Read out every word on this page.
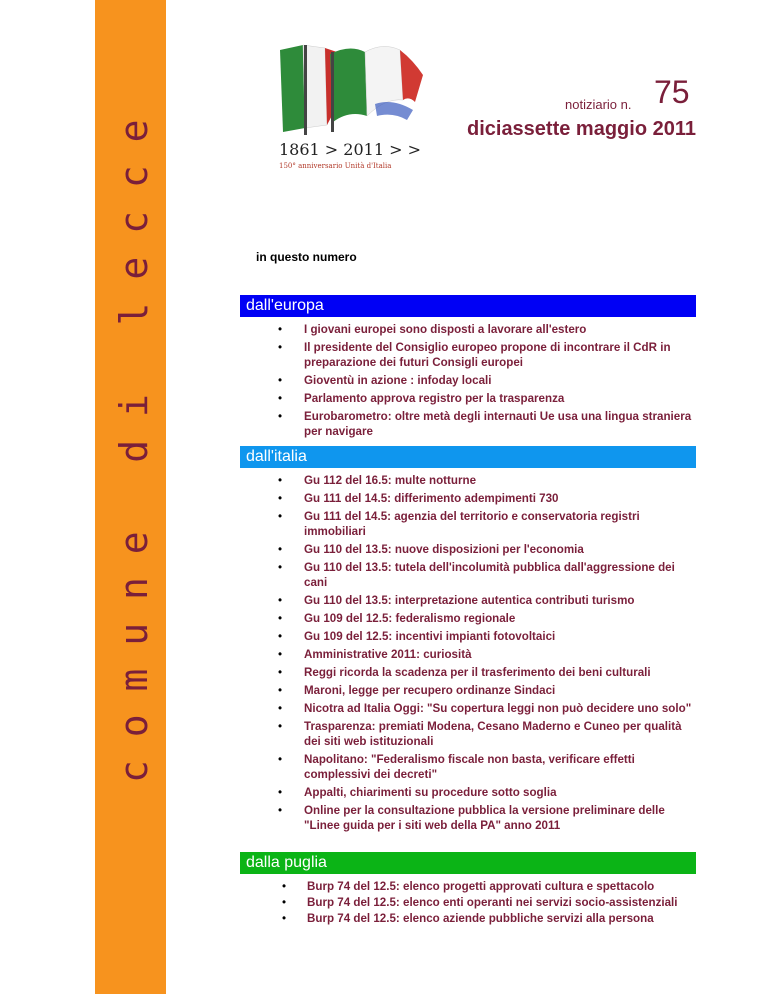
c o m u n e   d i   l e c c e	1861 > 2011 > >
150° anniversario Unità d'Italia
notiziario n. 75
diciassette maggio 2011
in questo numero
dall'europa
• I giovani europei sono disposti a lavorare all'estero
• Il presidente del Consiglio europeo propone di incontrare il CdR in preparazione dei futuri Consigli europei
• Gioventù in azione : infoday locali
• Parlamento approva registro per la trasparenza
• Eurobarometro: oltre metà degli internauti Ue usa una lingua straniera per navigare
dall'italia
• Gu 112 del 16.5: multe notturne
• Gu 111 del 14.5: differimento adempimenti 730
• Gu 111 del 14.5: agenzia del territorio e conservatoria registri immobiliari
• Gu 110 del 13.5: nuove disposizioni per l'economia
• Gu 110 del 13.5: tutela dell'incolumità pubblica dall'aggressione dei cani
• Gu 110 del 13.5: interpretazione autentica contributi turismo
• Gu 109 del 12.5: federalismo regionale
• Gu 109 del 12.5: incentivi impianti fotovoltaici
• Amministrative 2011: curiosità
• Reggi ricorda la scadenza per il trasferimento dei beni culturali
• Maroni, legge per recupero ordinanze Sindaci
• Nicotra ad Italia Oggi: "Su copertura leggi non può decidere uno solo"
• Trasparenza: premiati Modena, Cesano Maderno e Cuneo per qualità dei siti web istituzionali
• Napolitano: "Federalismo fiscale non basta, verificare effetti complessivi dei decreti"
• Appalti, chiarimenti su procedure sotto soglia
• Online per la consultazione pubblica la versione preliminare delle "Linee guida per i siti web della PA" anno 2011
dalla puglia
• Burp 74 del 12.5: elenco progetti approvati cultura e spettacolo
• Burp 74 del 12.5: elenco enti operanti nei servizi socio-assistenziali
• Burp 74 del 12.5: elenco aziende pubbliche servizi alla persona
